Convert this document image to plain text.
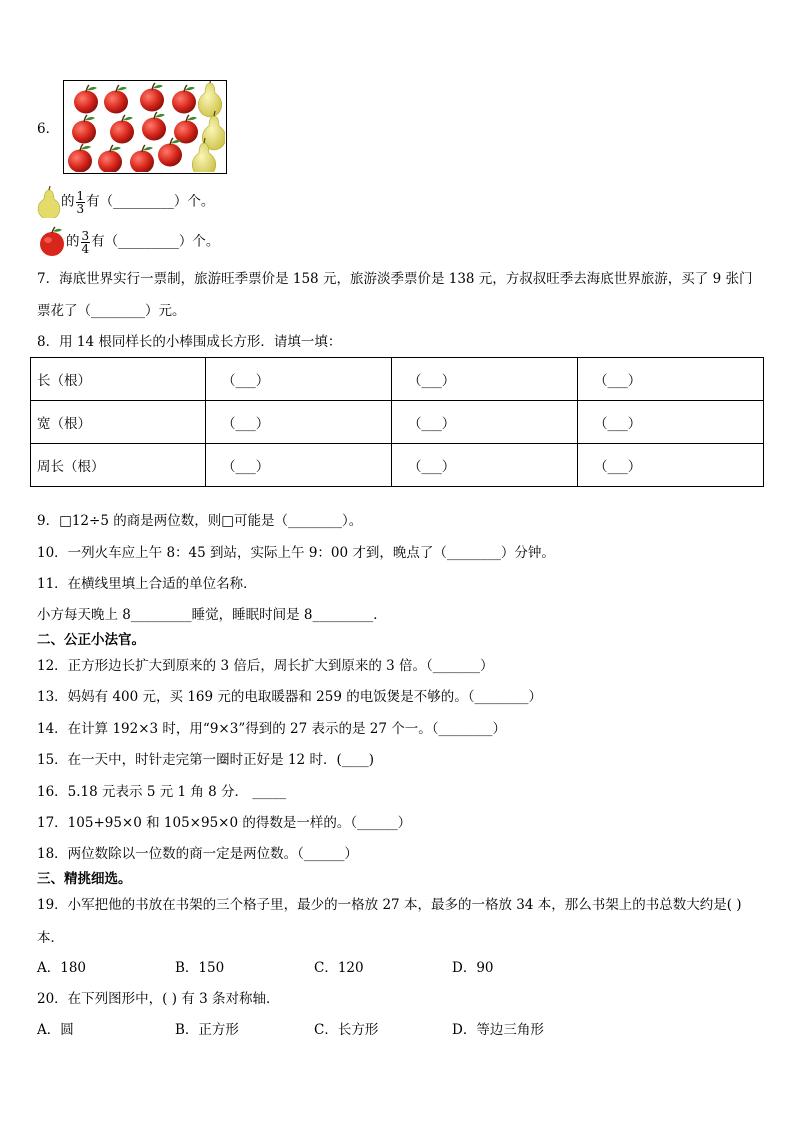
6．
的 $\frac{1}{3}$ 有（_________）个。
的 $\frac{3}{4}$ 有（_________）个。
7．海底世界实行一票制，旅游旺季票价是 158 元，旅游淡季票价是 138 元，方叔叔旺季去海底世界旅游，买了 9 张门
票花了（________）元。
8．用 14 根同样长的小棒围成长方形．请填一填：
长（根）	（___）	（___）	（___）
宽（根）	（___）	（___）	（___）
周长（根）	（___）	（___）	（___）
9．□12÷5 的商是两位数，则□可能是（________）。
10．一列火车应上午 8：45 到站，实际上午 9：00 才到，晚点了（________）分钟。
11．在横线里填上合适的单位名称．
小方每天晚上 8_________睡觉，睡眠时间是 8_________．
二、公正小法官。
12．正方形边长扩大到原来的 3 倍后，周长扩大到原来的 3 倍。（_______）
13．妈妈有 400 元，买 169 元的电取暖器和 259 的电饭煲是不够的。（________）
14．在计算 192×3 时，用“9×3”得到的 27 表示的是 27 个一。（________）
15．在一天中，时针走完第一圈时正好是 12 时．(____)
16．5.18 元表示 5 元 1 角 8 分． _____
17．105+95×0 和 105×95×0 的得数是一样的。（______）
18．两位数除以一位数的商一定是两位数。（______）
三、精挑细选。
19．小军把他的书放在书架的三个格子里，最少的一格放 27 本，最多的一格放 34 本，那么书架上的书总数大约是( )
本．
A．180	B．150	C．120	D．90
20．在下列图形中，( ) 有 3 条对称轴．
A．圆	B．正方形	C．长方形	D．等边三角形
